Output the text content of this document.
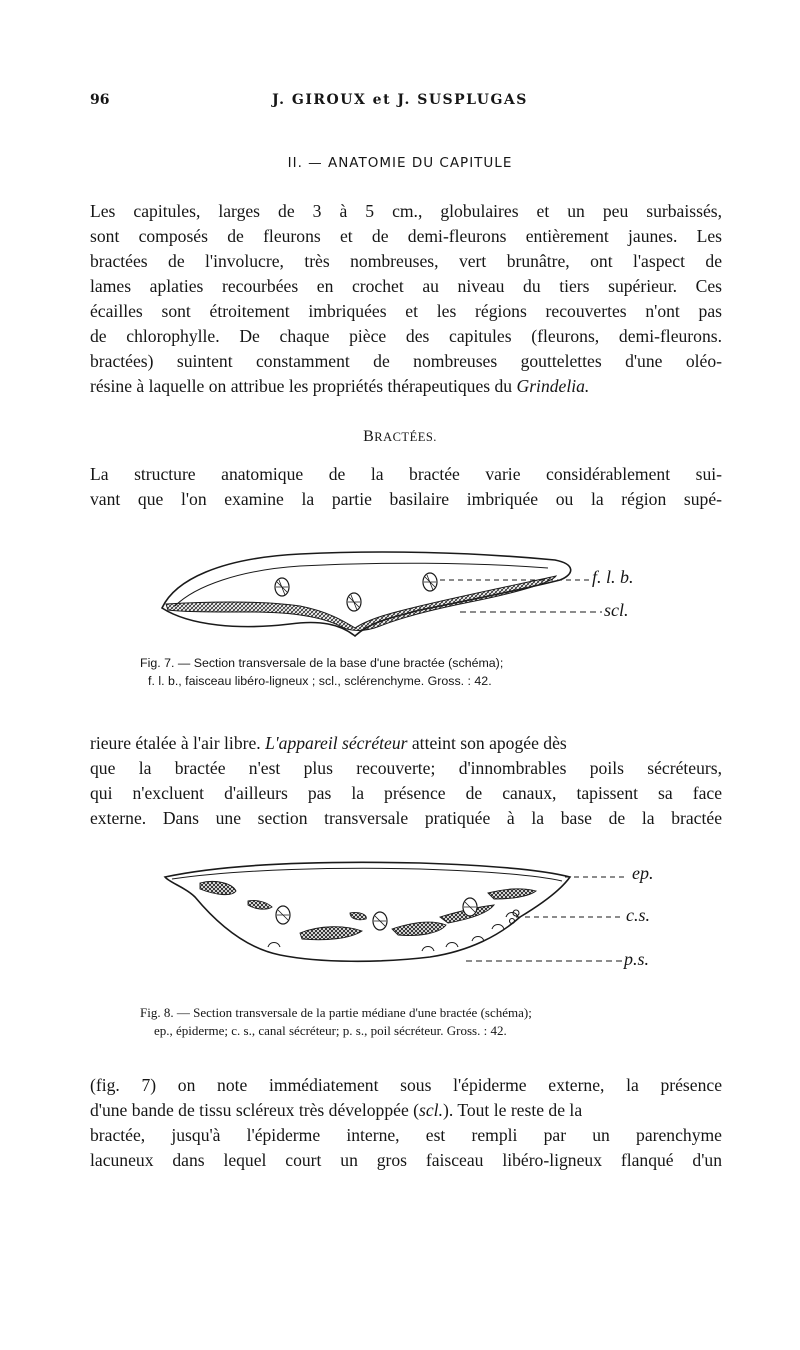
96	J. GIROUX et J. SUSPLUGAS
II. — ANATOMIE DU CAPITULE

Les capitules, larges de 3 à 5 cm., globulaires et un peu surbaissés,
sont composés de fleurons et de demi-fleurons entièrement jaunes. Les
bractées de l'involucre, très nombreuses, vert brunâtre, ont l'aspect de
lames aplaties recourbées en crochet au niveau du tiers supérieur. Ces
écailles sont étroitement imbriquées et les régions recouvertes n'ont pas
de chlorophylle. De chaque pièce des capitules (fleurons, demi-fleurons.
bractées) suintent constamment de nombreuses gouttelettes d'une oléo-
résine à laquelle on attribue les propriétés thérapeutiques du Grindelia.

BRACTÉES.

La structure anatomique de la bractée varie considérablement sui-
vant que l'on examine la partie basilaire imbriquée ou la région supé-

f. l. b.
scl.

Fig. 7. — Section transversale de la base d'une bractée (schéma);
f. l. b., faisceau libéro-ligneux ; scl., sclérenchyme. Gross. : 42.

rieure étalée à l'air libre. L'appareil sécréteur atteint son apogée dès
que la bractée n'est plus recouverte; d'innombrables poils sécréteurs,
qui n'excluent d'ailleurs pas la présence de canaux, tapissent sa face
externe. Dans une section transversale pratiquée à la base de la bractée

ep.
c.s.
p.s.

Fig. 8. — Section transversale de la partie médiane d'une bractée (schéma);
ep., épiderme; c. s., canal sécréteur; p. s., poil sécréteur. Gross. : 42.

(fig. 7) on note immédiatement sous l'épiderme externe, la présence
d'une bande de tissu scléreux très développée (scl.). Tout le reste de la
bractée, jusqu'à l'épiderme interne, est rempli par un parenchyme
lacuneux dans lequel court un gros faisceau libéro-ligneux flanqué d'un
